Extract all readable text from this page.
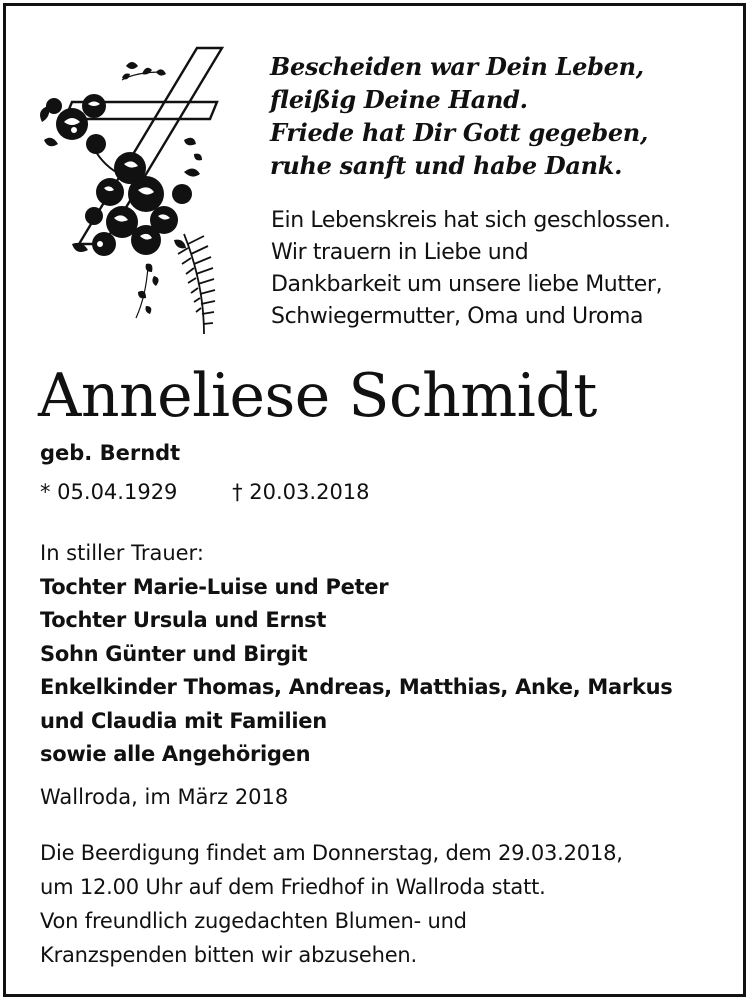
Bescheiden war Dein Leben,
fleißig Deine Hand.
Friede hat Dir Gott gegeben,
ruhe sanft und habe Dank.
Ein Lebenskreis hat sich geschlossen.
Wir trauern in Liebe und
Dankbarkeit um unsere liebe Mutter,
Schwiegermutter, Oma und Uroma
Anneliese Schmidt
geb. Berndt
* 05.04.1929	† 20.03.2018
In stiller Trauer:
Tochter Marie-Luise und Peter
Tochter Ursula und Ernst
Sohn Günter und Birgit
Enkelkinder Thomas, Andreas, Matthias, Anke, Markus
und Claudia mit Familien
sowie alle Angehörigen
Wallroda, im März 2018
Die Beerdigung findet am Donnerstag, dem 29.03.2018,
um 12.00 Uhr auf dem Friedhof in Wallroda statt.
Von freundlich zugedachten Blumen- und
Kranzspenden bitten wir abzusehen.
